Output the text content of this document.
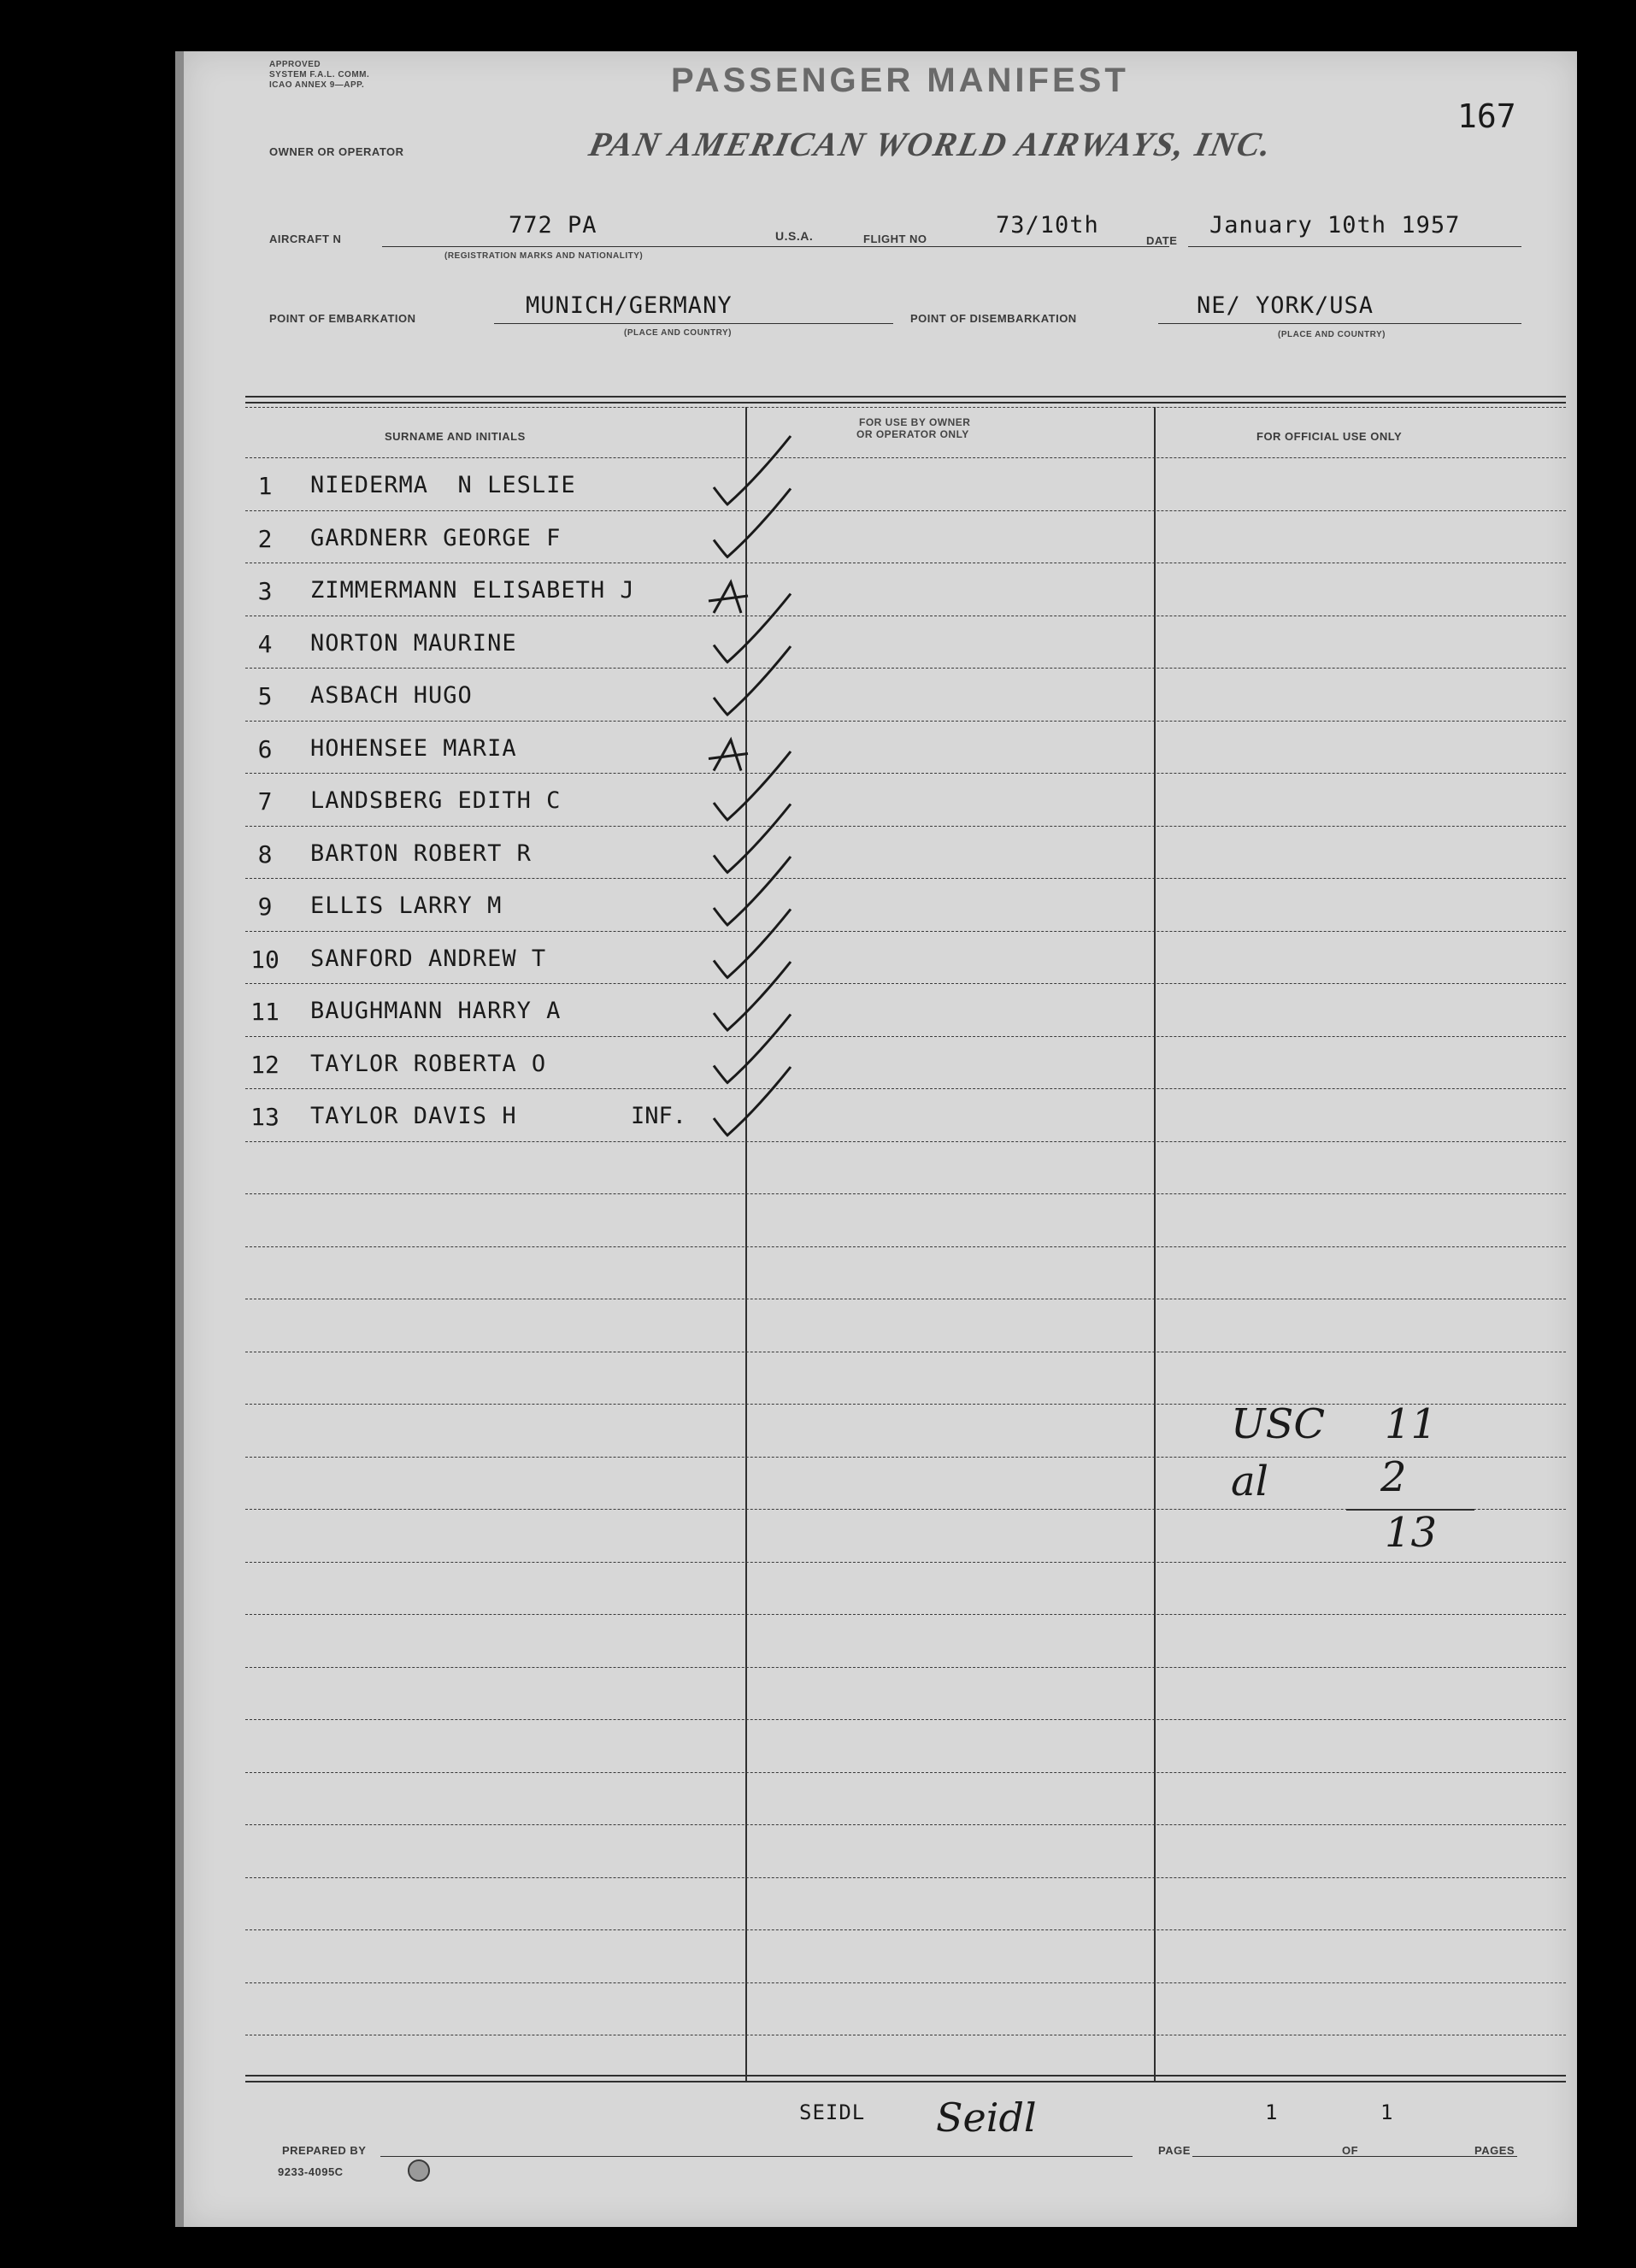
APPROVED
SYSTEM F.A.L. COMM.
ICAO ANNEX 9—APP.	PASSENGER MANIFEST
167
OWNER OR OPERATOR	PAN AMERICAN WORLD AIRWAYS, INC.
AIRCRAFT N
772 PA
(REGISTRATION MARKS AND NATIONALITY)
U.S.A.	FLIGHT NO
73/10th
DATE
January 10th 1957
POINT OF EMBARKATION	MUNICH/GERMANY
(PLACE AND COUNTRY)
POINT OF DISEMBARKATION	NE/ YORK/USA
(PLACE AND COUNTRY)
SURNAME AND INITIALS
FOR USE BY OWNER
OR OPERATOR ONLY	FOR OFFICIAL USE ONLY
1	NIEDERMA  N LESLIE
2	GARDNERR GEORGE F
3	ZIMMERMANN ELISABETH J
4	NORTON MAURINE
5	ASBACH HUGO
6	HOHENSEE MARIA
7	LANDSBERG EDITH C
8	BARTON ROBERT R
9	ELLIS LARRY M
10	SANFORD ANDREW T
11	BAUGHMANN HARRY A
12	TAYLOR ROBERTA O
13	TAYLOR DAVIS H	INF.
USC 11
al	2
13
SEIDL Seidl
PREPARED BY	PAGE
1
OF
1
PAGES
9233-4095C
